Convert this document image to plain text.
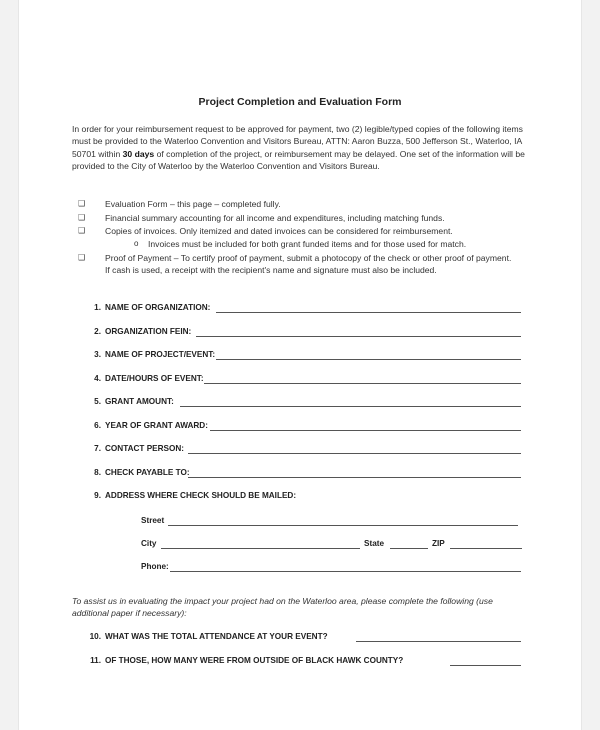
Project Completion and Evaluation Form
In order for your reimbursement request to be approved for payment, two (2) legible/typed copies of the following items must be provided to the Waterloo Convention and Visitors Bureau, ATTN: Aaron Buzza, 500 Jefferson St., Waterloo, IA 50701 within 30 days of completion of the project, or reimbursement may be delayed. One set of the information will be provided to the City of Waterloo by the Waterloo Convention and Visitors Bureau.
❑ Evaluation Form – this page – completed fully.
❑ Financial summary accounting for all income and expenditures, including matching funds.
❑ Copies of invoices. Only itemized and dated invoices can be considered for reimbursement.
o Invoices must be included for both grant funded items and for those used for match.
❑ Proof of Payment – To certify proof of payment, submit a photocopy of the check or other proof of payment. If cash is used, a receipt with the recipient's name and signature must also be included.
1. NAME OF ORGANIZATION:
2. ORGANIZATION FEIN:
3. NAME OF PROJECT/EVENT:
4. DATE/HOURS OF EVENT:
5. GRANT AMOUNT:
6. YEAR OF GRANT AWARD:
7. CONTACT PERSON:
8. CHECK PAYABLE TO:
9. ADDRESS WHERE CHECK SHOULD BE MAILED:
Street
City	State	ZIP
Phone:
To assist us in evaluating the impact your project had on the Waterloo area, please complete the following (use additional paper if necessary):
10. WHAT WAS THE TOTAL ATTENDANCE AT YOUR EVENT?
11. OF THOSE, HOW MANY WERE FROM OUTSIDE OF BLACK HAWK COUNTY?
